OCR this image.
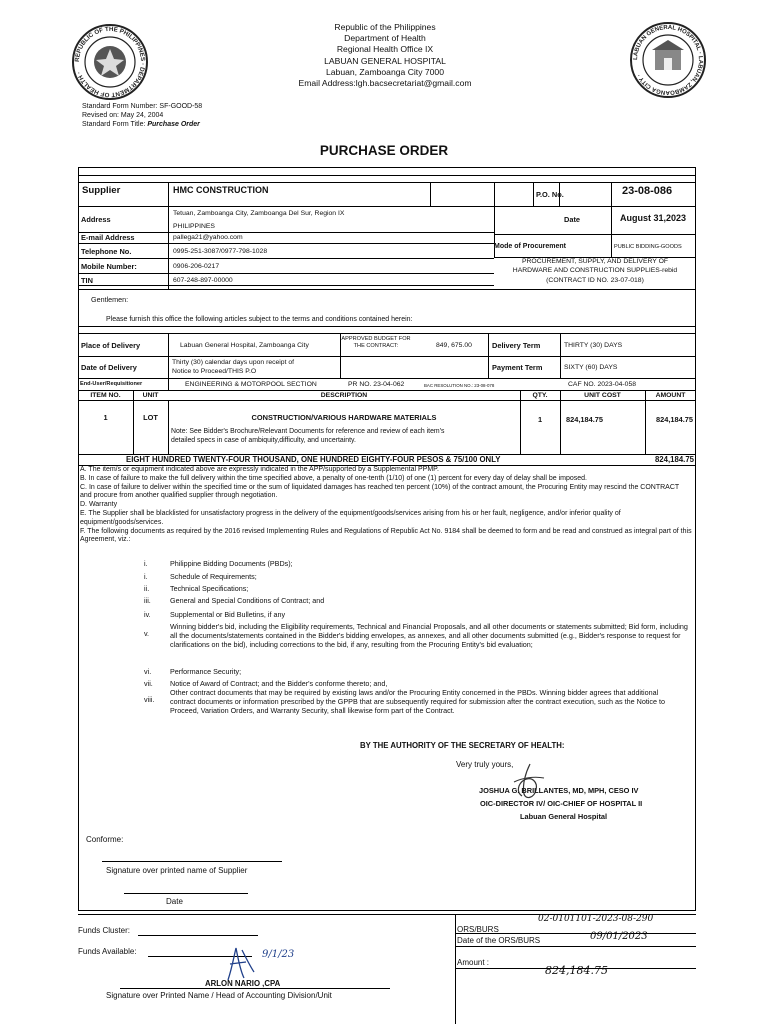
REPUBLIC OF THE PHILIPPINES · DEPARTMENT OF HEALTH ·
LABUAN GENERAL HOSPITAL · LABUAN, ZAMBOANGA CITY ·
Republic of the Philippines
Department of Health
Regional Health Office IX
LABUAN GENERAL HOSPITAL
Labuan, Zamboanga City 7000
Email Address:lgh.bacsecretariat@gmail.com
Standard Form Number: SF-GOOD-58
Revised on: May 24, 2004
Standard Form Title: Purchase Order
PURCHASE ORDER
Supplier	HMC CONSTRUCTION	P.O. No.	23-08-086
Address
Tetuan, Zamboanga City, Zamboanga Del Sur, Region IX
PHILIPPINES
Date	August 31,2023
E-mail Address	pallega21@yahoo.com
Telephone No.	0995-251-3087/0977-798-1028
Mobile Number:	0906-206-0217
TIN	607-248-897-00000
Mode of Procurement	PUBLIC BIDDING-GOODS
PROCUREMENT, SUPPLY, AND DELIVERY OF
HARDWARE AND CONSTRUCTION SUPPLIES-rebid
(CONTRACT ID NO. 23-07-018)
Gentlemen:
Please furnish this office the following articles subject to the terms and conditions contained herein:
Place of Delivery	Labuan General Hospital, Zamboanga City
APPROVED BUDGET FOR
THE CONTRACT:	849, 675.00	Delivery Term	THIRTY (30) DAYS
Date of Delivery
Thirty (30) calendar days upon receipt of
Notice to Proceed/THIS P.O	Payment Term	SIXTY (60) DAYS
End-User/Requisitioner	ENGINEERING & MOTORPOOL SECTION	PR NO. 23-04-062	BAC RESOLUTION NO.: 23-08-078	CAF NO. 2023-04-058
ITEM NO.	UNIT	DESCRIPTION	QTY.	UNIT COST	AMOUNT
1	LOT	CONSTRUCTION/VARIOUS HARDWARE MATERIALS
Note: See Bidder's Brochure/Relevant Documents for reference and review of each item's
detailed specs in case of ambiquity,difficulty, and uncertainty.
1	824,184.75	824,184.75
EIGHT HUNDRED TWENTY-FOUR THOUSAND, ONE HUNDRED EIGHTY-FOUR PESOS & 75/100 ONLY	824,184.75

A. The item/s or equipment indicated above are expressly indicated in the APP/supported by a Supplemental PPMP.

B. In case of failure to make the full delivery within the time specified above, a penalty of one-tenth (1/10) of one (1) percent for every day of delay shall be imposed.

C. In case of failure to deliver within the specified time or the sum of liquidated damages has reached ten percent (10%) of the contract amount, the Procuring Entity may rescind the CONTRACT and procure from another qualified supplier through negotiation.

D. Warranty

E. The Supplier shall be blacklisted for unsatisfactory progress in the delivery of the equipment/goods/services arising from his or her fault, negligence, and/or inferior quality of equipment/goods/services.

F. The following documents as required by the 2016 revised Implementing Rules and Regulations of Republic Act No. 9184 shall be deemed to form and be read and construed as integral part of this Agreement, viz.:

i.	Philippine Bidding Documents (PBDs);
i.	Schedule of Requirements;
ii.	Technical Specifications;
iii.	General and Special Conditions of Contract; and
iv.	Supplemental or Bid Bulletins, if any
v.
Winning bidder's bid, including the Eligibility requirements, Technical and Financial Proposals, and all other documents or statements submitted; Bid form, including all the documents/statements contained in the Bidder's bidding envelopes, as annexes, and all other documents submitted (e.g., Bidder's response to request for clarifications on the bid), including corrections to the bid, if any, resulting from the Procuring Entity's bid evaluation;
vi.	Performance Security;
vii. Notice of Award of Contract; and the Bidder's conforme thereto; and,
viii.
Other contract documents that may be required by existing laws and/or the Procuring Entity concerned in the PBDs. Winning bidder agrees that additional contract documents or information prescribed by the GPPB that are subsequently required for submission after the contract execution, such as the Notice to Proceed, Variation Orders, and Warranty Security, shall likewise form part of the Contract.
BY THE AUTHORITY OF THE SECRETARY OF HEALTH:
Very truly yours,
JOSHUA G. BRILLANTES, MD, MPH, CESO IV
OIC-DIRECTOR IV/ OIC-CHIEF OF HOSPITAL II
Labuan General Hospital
Conforme:
Signature over printed name of Supplier
Date
Funds Cluster:
Funds Available:	9/1/23
ARLON NARIO ,CPA
Signature over Printed Name / Head of Accounting Division/Unit
ORS/BURS
02-0101101-2023-08-290
Date of the ORS/BURS	09/01/2023
Amount :
824,184.75
